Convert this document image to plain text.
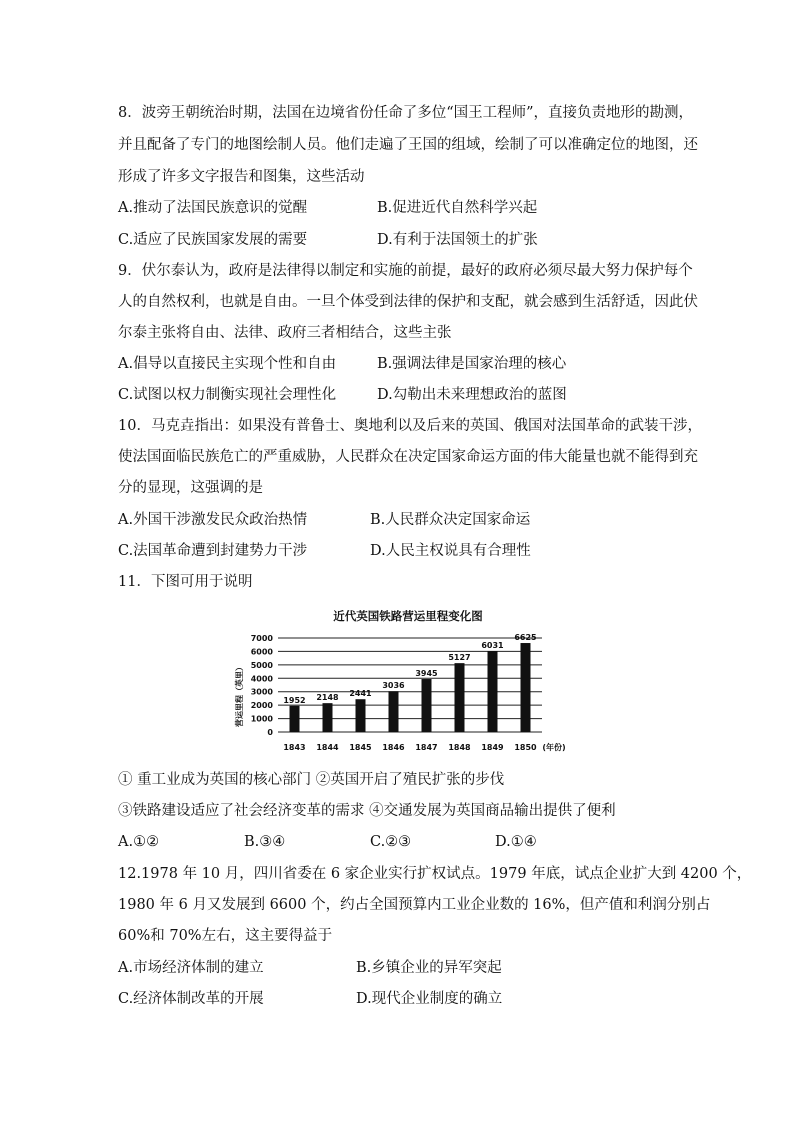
8．波旁王朝统治时期，法国在边境省份任命了多位“国王工程师”，直接负责地形的勘测，
并且配备了专门的地图绘制人员。他们走遍了王国的组域，绘制了可以准确定位的地图，还
形成了许多文字报告和图集，这些活动
A.推动了法国民族意识的觉醒	B.促进近代自然科学兴起
C.适应了民族国家发展的需要	D.有利于法国领土的扩张
9．伏尔泰认为，政府是法律得以制定和实施的前提，最好的政府必须尽最大努力保护每个
人的自然权利，也就是自由。一旦个体受到法律的保护和支配，就会感到生活舒适，因此伏
尔泰主张将自由、法律、政府三者相结合，这些主张
A.倡导以直接民主实现个性和自由	B.强调法律是国家治理的核心
C.试图以权力制衡实现社会理性化	D.勾勒出未来理想政治的蓝图
10．马克垚指出：如果没有普鲁士、奥地利以及后来的英国、俄国对法国革命的武装干涉，
使法国面临民族危亡的严重威胁，人民群众在决定国家命运方面的伟大能量也就不能得到充
分的显现，这强调的是
A.外国干涉激发民众政治热情	B.人民群众决定国家命运
C.法国革命遭到封建势力干涉	D.人民主权说具有合理性
11．下图可用于说明
近代英国铁路营运里程变化图
营运里程（英里）
0
1000
2000
3000
4000
5000
6000
7000
1952 2148 2441
3036
3945
5127
6031
6625
1843 1844 1845 1846 1847 1848 1849 1850 (年份)
① 重工业成为英国的核心部门 ②英国开启了殖民扩张的步伐
③铁路建设适应了社会经济变革的需求 ④交通发展为英国商品输出提供了便利
A.①②	B.③④	C.②③	D.①④
12.1978 年 10 月，四川省委在 6 家企业实行扩权试点。1979 年底，试点企业扩大到 4200 个，
1980 年 6 月又发展到 6600 个，约占全国预算内工业企业数的 16%，但产值和利润分别占
60%和 70%左右，这主要得益于
A.市场经济体制的建立	B.乡镇企业的异军突起
C.经济体制改革的开展	D.现代企业制度的确立
